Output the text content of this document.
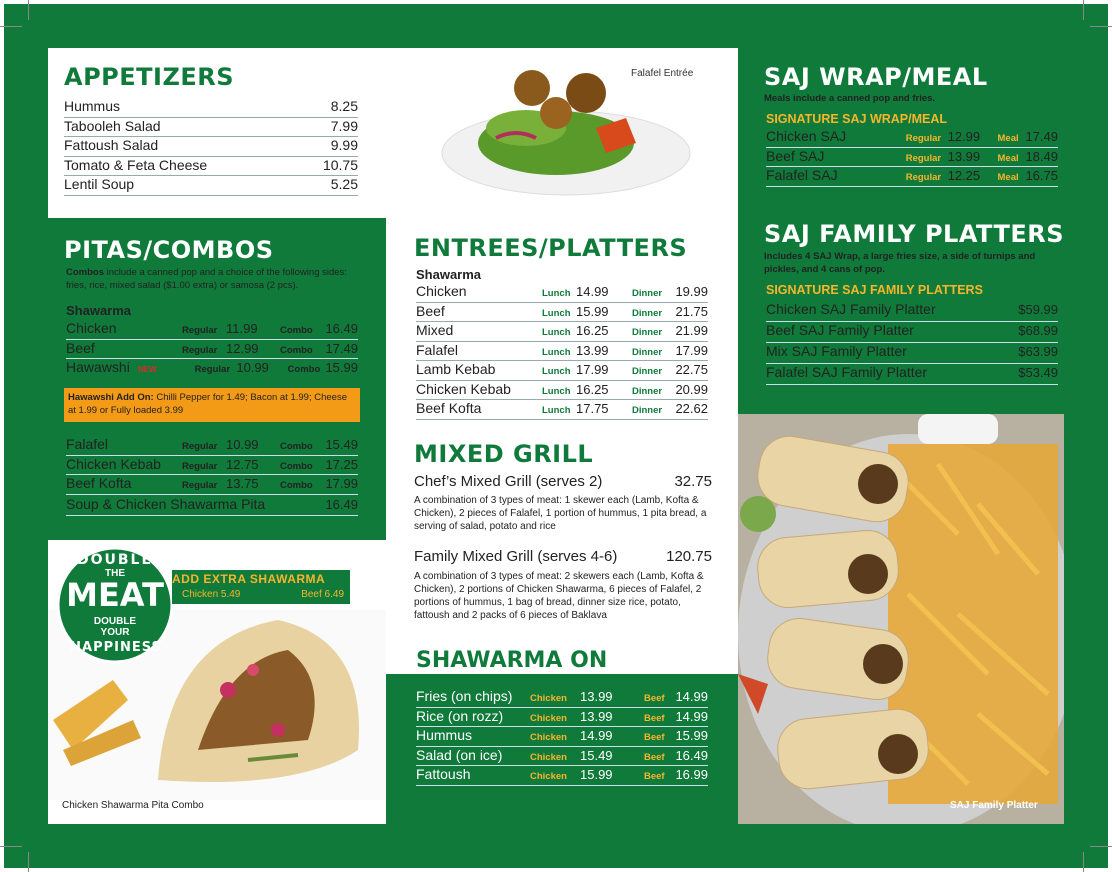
APPETIZERS
Hummus	8.25
Tabooleh Salad	7.99
Fattoush Salad	9.99
Tomato & Feta Cheese	10.75
Lentil Soup	5.25
Falafel Entrée
PITAS/COMBOS
Combos include a canned pop and a choice of the following sides: fries, rice, mixed salad ($1.00 extra) or samosa (2 pcs).
Shawarma
Chicken	Regular 11.99	Combo 16.49
Beef	Regular 12.99	Combo 17.49
Hawawshi	NEW	Regular 10.99	Combo 15.99
Hawawshi Add On: Chilli Pepper for 1.49; Bacon at 1.99; Cheese at 1.99 or Fully loaded 3.99
Falafel	Regular 10.99	Combo 15.49
Chicken Kebab	Regular 12.75	Combo 17.25
Beef Kofta	Regular 13.75	Combo 17.99
Soup & Chicken Shawarma Pita	16.49
DOUBLE
THE
MEAT
DOUBLE
YOUR
HAPPINESS
ADD EXTRA SHAWARMA
Chicken 5.49	Beef 6.49
Chicken Shawarma Pita Combo
ENTREES/PLATTERS
Shawarma
Chicken	Lunch 14.99	Dinner	19.99
Beef	Lunch 15.99	Dinner	21.75
Mixed	Lunch 16.25	Dinner	21.99
Falafel	Lunch 13.99	Dinner	17.99
Lamb Kebab	Lunch 17.99	Dinner	22.75
Chicken Kebab	Lunch 16.25	Dinner	20.99
Beef Kofta	Lunch 17.75	Dinner	22.62
MIXED GRILL
Chef’s Mixed Grill (serves 2)	32.75
A combination of 3 types of meat: 1 skewer each (Lamb, Kofta & Chicken), 2 pieces of Falafel, 1 portion of hummus, 1 pita bread, a serving of salad, potato and rice
Family Mixed Grill (serves 4-6)	120.75
A combination of 3 types of meat: 2 skewers each (Lamb, Kofta & Chicken), 2 portions of Chicken Shawarma, 6 pieces of Falafel, 2 portions of hummus, 1 bag of bread, dinner size rice, potato, fattoush and 2 packs of 6 pieces of Baklava
SHAWARMA ON
Fries (on chips)	Chicken	13.99	Beef 14.99
Rice (on rozz)	Chicken	13.99	Beef 14.99
Hummus	Chicken	14.99	Beef 15.99
Salad (on ice)	Chicken	15.49	Beef 16.49
Fattoush	Chicken	15.99	Beef 16.99
SAJ WRAP/MEAL
Meals include a canned pop and fries.
SIGNATURE SAJ WRAP/MEAL
Chicken SAJ	Regular 12.99	Meal 17.49
Beef SAJ	Regular 13.99	Meal 18.49
Falafel SAJ	Regular 12.25	Meal 16.75
SAJ FAMILY PLATTERS
Includes 4 SAJ Wrap, a large fries size, a side of turnips and pickles, and 4 cans of pop.
SIGNATURE SAJ FAMILY PLATTERS
Chicken SAJ Family Platter	$59.99
Beef SAJ Family Platter	$68.99
Mix SAJ Family Platter	$63.99
Falafel SAJ Family Platter	$53.49
SAJ Family Platter
